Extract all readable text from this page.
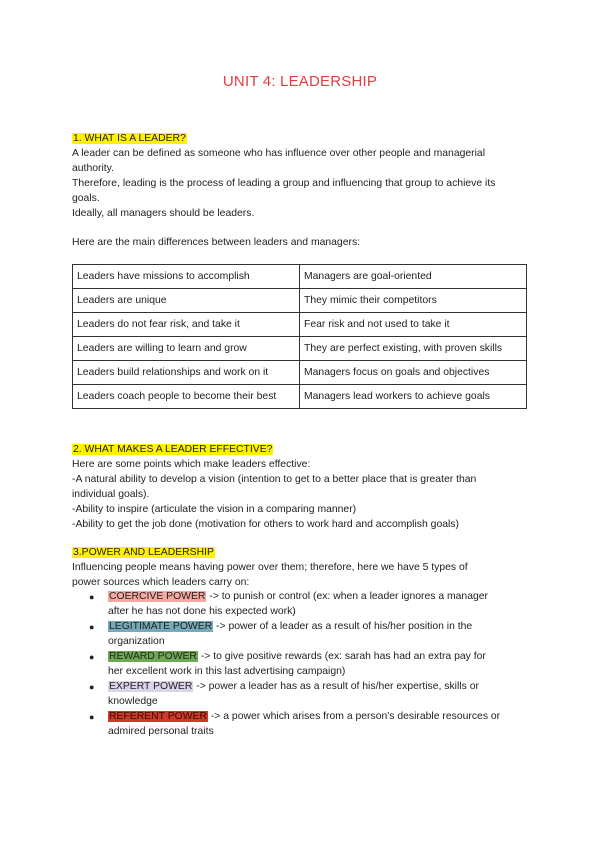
UNIT 4: LEADERSHIP
1. WHAT IS A LEADER?
A leader can be defined as someone who has influence over other people and managerial
authority.
Therefore, leading is the process of leading a group and influencing that group to achieve its
goals.
Ideally, all managers should be leaders.
Here are the main differences between leaders and managers:
Leaders have missions to accomplish	Managers are goal-oriented
Leaders are unique	They mimic their competitors
Leaders do not fear risk, and take it	Fear risk and not used to take it
Leaders are willing to learn and grow	They are perfect existing, with proven skills
Leaders build relationships and work on it	Managers focus on goals and objectives
Leaders coach people to become their best	Managers lead workers to achieve goals
2. WHAT MAKES A LEADER EFFECTIVE?
Here are some points which make leaders effective:
-A natural ability to develop a vision (intention to get to a better place that is greater than
individual goals).
-Ability to inspire (articulate the vision in a comparing manner)
-Ability to get the job done (motivation for others to work hard and accomplish goals)
3.POWER AND LEADERSHIP
Influencing people means having power over them; therefore, here we have 5 types of
power sources which leaders carry on:
● COERCIVE POWER -> to punish or control (ex: when a leader ignores a manager
after he has not done his expected work)
● LEGITIMATE POWER -> power of a leader as a result of his/her position in the
organization
● REWARD POWER -> to give positive rewards (ex: sarah has had an extra pay for
her excellent work in this last advertising campaign)
● EXPERT POWER -> power a leader has as a result of his/her expertise, skills or
knowledge
● REFERENT POWER -> a power which arises from a person's desirable resources or
admired personal traits
